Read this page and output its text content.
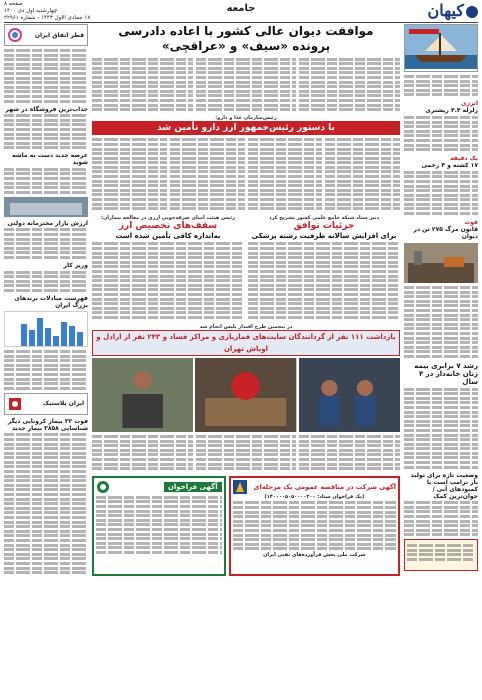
کیهان
جامعه
صفحه ۸
چهارشنبه اول دی ۱۴۰۰
۱۷ جمادی الاول ۱۴۴۳ - شماره ۲۲۹۶۱
انرژی
زلزله ۴.۴ ریشتری
یک دقیقه
۱۷ کشته و ۴ زخمی
فوت
قانون مرگ ۲۷۵ تن در دیوان
رشد ۷ برابری بیمه زنان خانه‌دار در ۴ سال
وضعیت تازه برای تولید بار ترامپ است با کمبودهای آبی / جوان‌ترین کمک
قطر اتفاق ایران
جذاب‌ترین فروشگاه در شهر
عرضه جدید دست به ماشه شوید
ارزش بازار محترمانه دولتی
وزیر کار
فهرست مبادلات برندهای بزرگ ایران
ایران پلاستیک
فوت ۳۲ بیمار کرونایی دیگر شناسایی ۳۸۵۸ بیمار جدید
موافقت دیوان عالی کشور با اعاده دادرسی
پرونده «سیف» و «عراقچی»
رئیس‌سازمان غذا و دارو:
با دستور رئیس‌جمهور ارز دارو تأمین شد
دبیر ستاد شبکه جامع علمی کشور تشریح کرد
جزئیات توافق
برای افزایش سالانه ظرفیت رشته پزشکی
رئیس هیئت امنای صرفه‌جویی ارزی در معالجه بیماران:
سقف‌های تخصیص ارز
به‌اندازه کافی تأمین شده است
در پنجمین طرح اقتدار پلیس انجام شد
بازداشت ۱۱۱ نفر از گردانندگان سایت‌های قماربازی و مراکز فساد و ۲۴۳ نفر از اراذل و اوباش تهران
آگهی شرکت در مناقصه عمومی یک مرحله‌ای
(یک فراخوان ستاد: ۱۴۰۰۰۰۵۰۵۰۰۰۰۲۰۰)
شرکت ملی پخش فرآورده‌های نفتی ایران
آگهی فراخوان
